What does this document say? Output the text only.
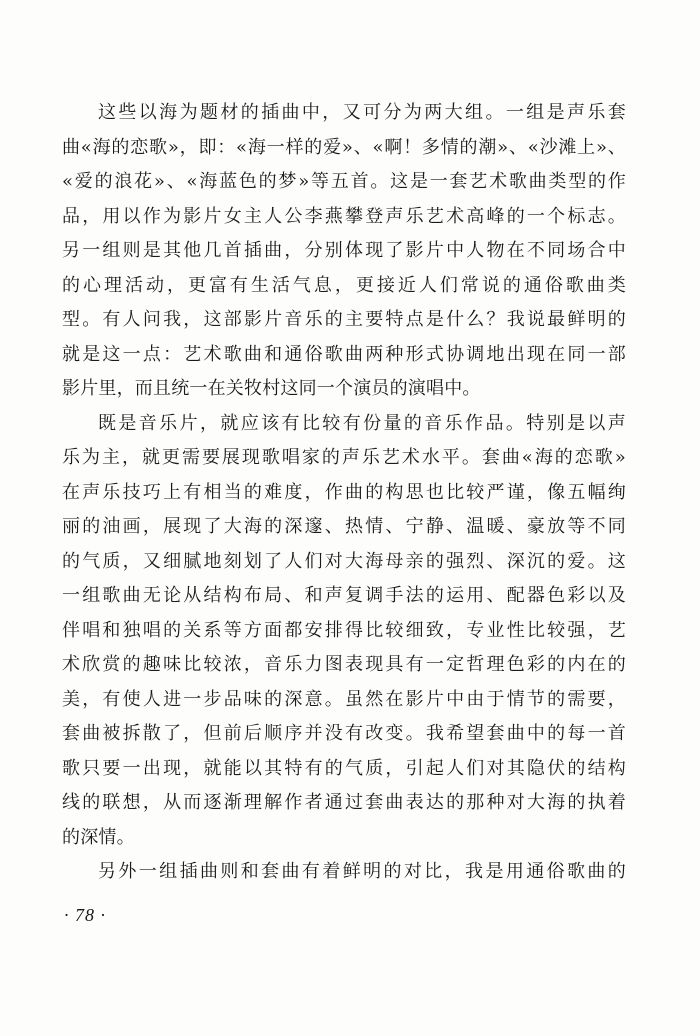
这些以海为题材的插曲中，又可分为两大组。一组是声乐套
曲«海的恋歌»，即：«海一样的爱»、«啊！多情的潮»、«沙滩上»、
«爱的浪花»、«海蓝色的梦»等五首。这是一套艺术歌曲类型的作
品，用以作为影片女主人公李燕攀登声乐艺术高峰的一个标志。
另一组则是其他几首插曲，分别体现了影片中人物在不同场合中
的心理活动，更富有生活气息，更接近人们常说的通俗歌曲类
型。有人问我，这部影片音乐的主要特点是什么？我说最鲜明的
就是这一点：艺术歌曲和通俗歌曲两种形式协调地出现在同一部
影片里，而且统一在关牧村这同一个演员的演唱中。
既是音乐片，就应该有比较有份量的音乐作品。特别是以声
乐为主，就更需要展现歌唱家的声乐艺术水平。套曲«海的恋歌»
在声乐技巧上有相当的难度，作曲的构思也比较严谨，像五幅绚
丽的油画，展现了大海的深邃、热情、宁静、温暖、豪放等不同
的气质，又细腻地刻划了人们对大海母亲的强烈、深沉的爱。这
一组歌曲无论从结构布局、和声复调手法的运用、配器色彩以及
伴唱和独唱的关系等方面都安排得比较细致，专业性比较强，艺
术欣赏的趣味比较浓，音乐力图表现具有一定哲理色彩的内在的
美，有使人进一步品味的深意。虽然在影片中由于情节的需要，
套曲被拆散了，但前后顺序并没有改变。我希望套曲中的每一首
歌只要一出现，就能以其特有的气质，引起人们对其隐伏的结构
线的联想，从而逐渐理解作者通过套曲表达的那种对大海的执着
的深情。
另外一组插曲则和套曲有着鲜明的对比，我是用通俗歌曲的
· 78 ·
